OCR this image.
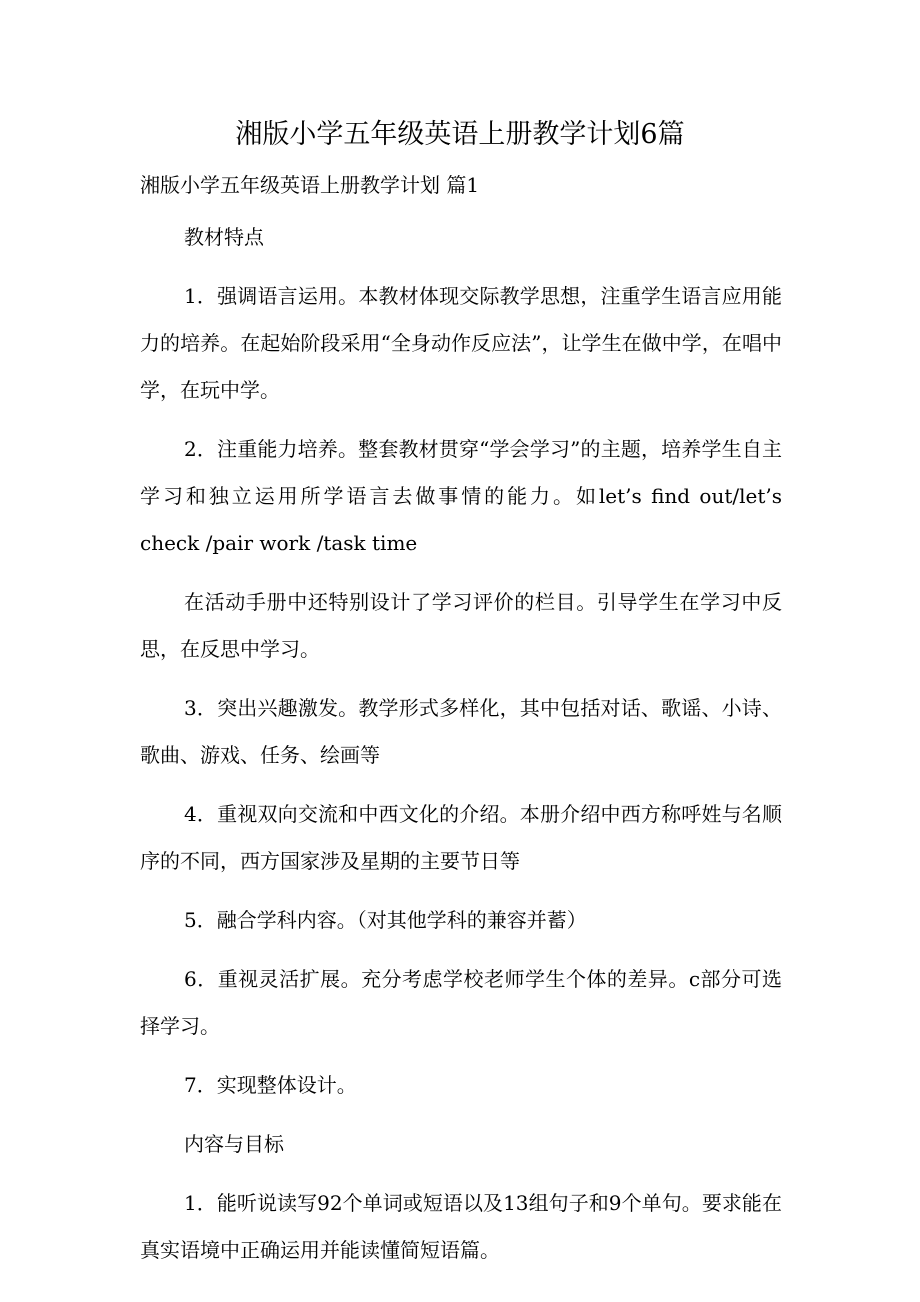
湘版小学五年级英语上册教学计划6篇
湘版小学五年级英语上册教学计划 篇1

教材特点

1．强调语言运用。本教材体现交际教学思想，注重学生语言应用能力的培养。在起始阶段采用“全身动作反应法”，让学生在做中学，在唱中学，在玩中学。

2．注重能力培养。整套教材贯穿“学会学习”的主题，培养学生自主学习和独立运用所学语言去做事情的能力。如let’s find out/let’s check /pair work /task time

在活动手册中还特别设计了学习评价的栏目。引导学生在学习中反思，在反思中学习。

3．突出兴趣激发。教学形式多样化，其中包括对话、歌谣、小诗、歌曲、游戏、任务、绘画等

4．重视双向交流和中西文化的介绍。本册介绍中西方称呼姓与名顺序的不同，西方国家涉及星期的主要节日等

5．融合学科内容。（对其他学科的兼容并蓄）

6．重视灵活扩展。充分考虑学校老师学生个体的差异。c部分可选择学习。

7．实现整体设计。

内容与目标

1．能听说读写92个单词或短语以及13组句子和9个单句。要求能在真实语境中正确运用并能读懂简短语篇。
